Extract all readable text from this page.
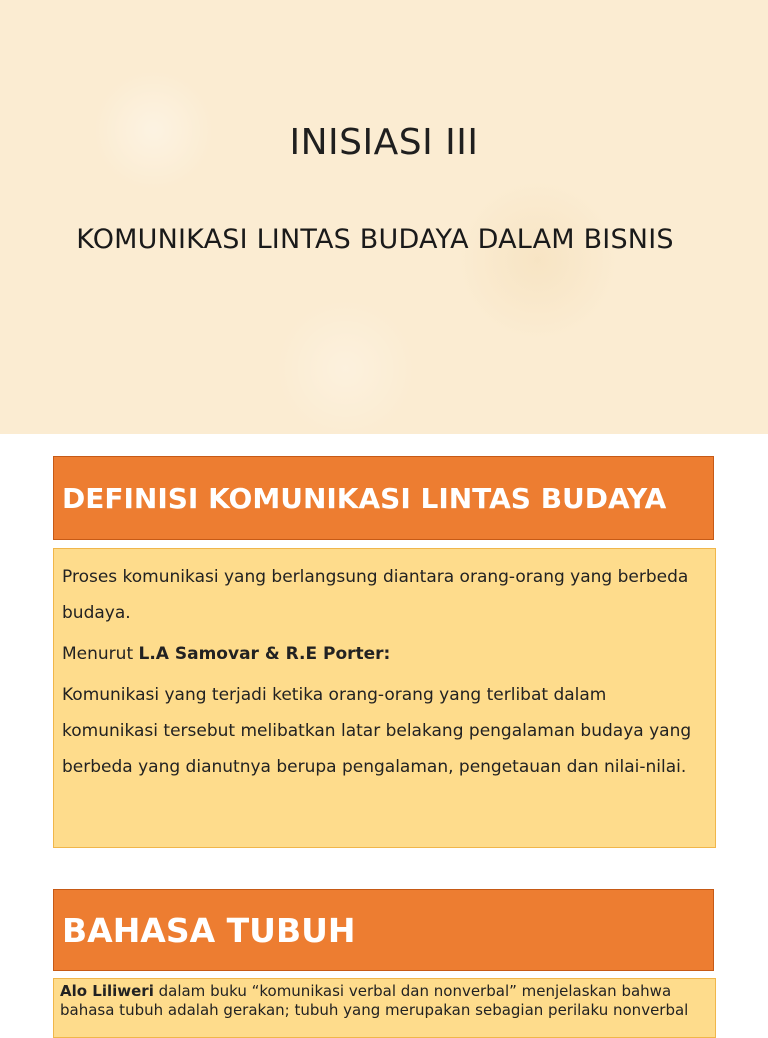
INISIASI III
KOMUNIKASI LINTAS BUDAYA DALAM BISNIS
DEFINISI KOMUNIKASI LINTAS BUDAYA

Proses komunikasi yang berlangsung diantara orang-orang yang berbeda budaya.

Menurut L.A Samovar & R.E Porter:

Komunikasi yang terjadi ketika orang-orang yang terlibat dalam komunikasi tersebut melibatkan latar belakang pengalaman budaya yang berbeda yang dianutnya berupa pengalaman, pengetauan dan nilai-nilai.

BAHASA TUBUH
Alo Liliweri dalam buku “komunikasi verbal dan nonverbal” menjelaskan bahwa bahasa tubuh adalah gerakan; tubuh yang merupakan sebagian perilaku nonverbal
